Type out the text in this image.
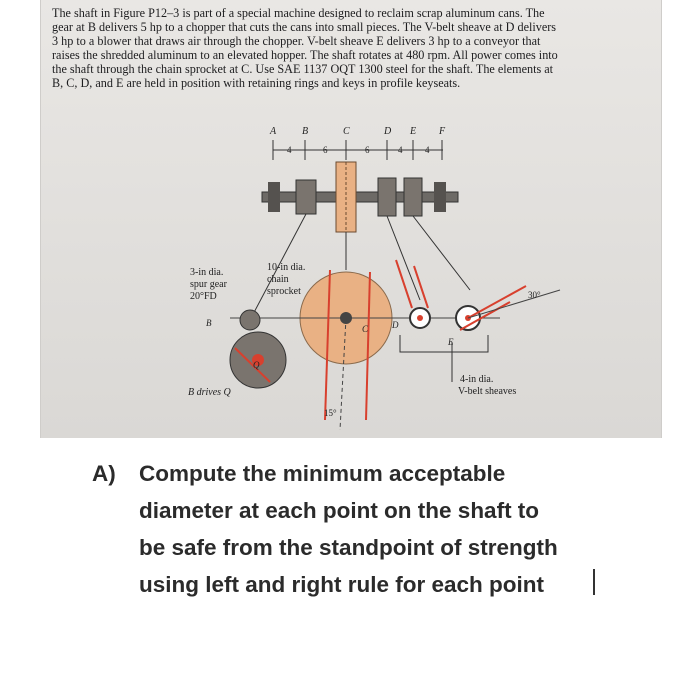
The shaft in Figure P12–3 is part of a special machine designed to reclaim scrap aluminum cans. The
gear at B delivers 5 hp to a chopper that cuts the cans into small pieces. The V-belt sheave at D delivers
3 hp to a blower that draws air through the chopper. V-belt sheave E delivers 3 hp to a conveyor that
raises the shredded aluminum to an elevated hopper. The shaft rotates at 480 rpm. All power comes into
the shaft through the chain sprocket at C. Use SAE 1137 OQT 1300 steel for the shaft. The elements at
B, C, D, and E are held in position with retaining rings and keys in profile keyseats.
A	B	C	D E F
4	6	6	4	4
3-in dia. spur gear 20°FD
10-in dia. chain sprocket
B drives Q
4-in dia. V-belt sheaves
30°
15°
B
C	D
E
Q
A) Compute the minimum acceptable
diameter at each point on the shaft to
be safe from the standpoint of strength
using left and right rule for each point
